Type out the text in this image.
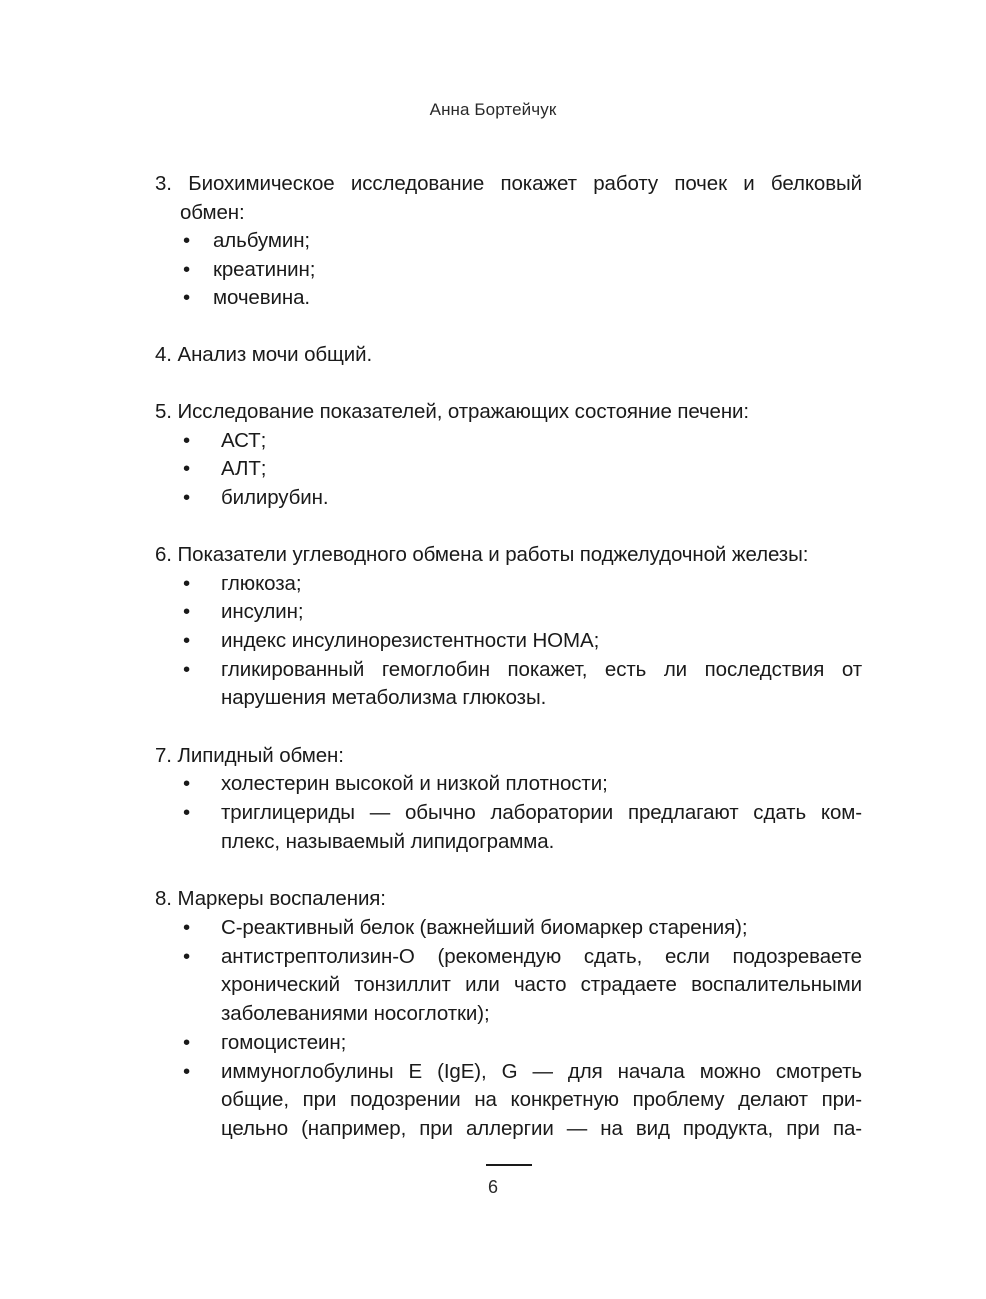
Анна Бортейчук
3. Биохимическое исследование покажет работу почек и белковый
обмен:
• альбумин;
• креатинин;
• мочевина.
4. Анализ мочи общий.
5. Исследование показателей, отражающих состояние печени:
• АСТ;
• АЛТ;
• билирубин.
6. Показатели углеводного обмена и работы поджелудочной железы:
• глюкоза;
• инсулин;
• индекс инсулинорезистентности НОМА;
• гликированный гемоглобин покажет, есть ли последствия от
нарушения метаболизма глюкозы.
7. Липидный обмен:
• холестерин высокой и низкой плотности;
• триглицериды — обычно лаборатории предлагают сдать ком-
плекс, называемый липидограмма.
8. Маркеры воспаления:
• С-реактивный белок (важнейший биомаркер старения);
• антистрептолизин-О (рекомендую сдать, если подозреваете
хронический тонзиллит или часто страдаете воспалительными
заболеваниями носоглотки);
• гомоцистеин;
• иммуноглобулины Е (IgE), G — для начала можно смотреть
общие, при подозрении на конкретную проблему делают при-
цельно (например, при аллергии — на вид продукта, при па-
6
